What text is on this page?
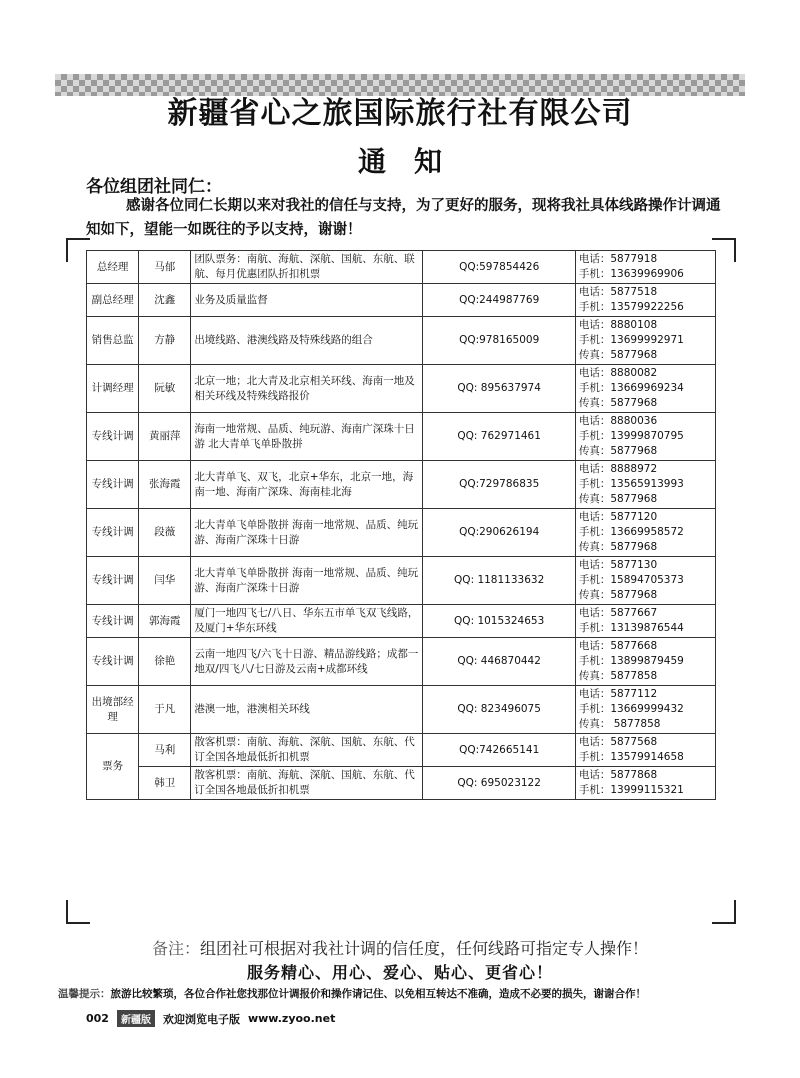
新疆省心之旅国际旅行社有限公司
通　知
各位组团社同仁：
感谢各位同仁长期以来对我社的信任与支持，为了更好的服务，现将我社具体线路操作计调通知如下，望能一如既往的予以支持，谢谢！
总经理	马郁	团队票务：南航、海航、深航、国航、东航、联航、每月优惠团队折扣机票	QQ:597854426	电话：5877918
手机：13639969906

副总经理	沈鑫	业务及质量监督	QQ:244987769	电话：5877518
手机：13579922256

销售总监	方静	出境线路、港澳线路及特殊线路的组合	QQ:978165009	电话：8880108
手机：13699992971
传真：5877968

计调经理	阮敏	北京一地；北大青及北京相关环线、海南一地及相关环线及特殊线路报价	QQ: 895637974	电话：8880082
手机：13669969234
传真：5877968

专线计调	黄丽萍	海南一地常规、品质、纯玩游、海南广深珠十日游 北大青单飞单卧散拼	QQ: 762971461	电话：8880036
手机：13999870795
传真：5877968

专线计调	张海霞	北大青单飞、双飞，北京+华东，北京一地，海南一地、海南广深珠、海南桂北海	QQ:729786835	电话：8888972
手机：13565913993
传真：5877968

专线计调	段薇	北大青单飞单卧散拼 海南一地常规、品质、纯玩游、海南广深珠十日游	QQ:290626194	电话：5877120
手机：13669958572
传真：5877968

专线计调	闫华	北大青单飞单卧散拼 海南一地常规、品质、纯玩游、海南广深珠十日游	QQ: 1181133632	电话：5877130
手机：15894705373
传真：5877968

专线计调	郭海霞	厦门一地四飞七/八日、华东五市单飞双飞线路，及厦门+华东环线	QQ: 1015324653	电话：5877667
手机：13139876544

专线计调	徐艳	云南一地四飞/六飞十日游、精品游线路；成都一地双/四飞八/七日游及云南+成都环线	QQ: 446870442	电话：5877668
手机：13899879459
传真：5877858

出境部经理	于凡	港澳一地，港澳相关环线	QQ: 823496075	电话：5877112
手机：13669999432
传真： 5877858

票务	马利	散客机票：南航、海航、深航、国航、东航、代订全国各地最低折扣机票	QQ:742665141	电话：5877568
手机：13579914658

	韩卫	散客机票：南航、海航、深航、国航、东航、代订全国各地最低折扣机票	QQ: 695023122	电话：5877868
手机：13999115321
备注：组团社可根据对我社计调的信任度，任何线路可指定专人操作！
服务精心、用心、爱心、贴心、更省心！
温馨提示：旅游比较繁琐，各位合作社您找那位计调报价和操作请记住、以免相互转达不准确，造成不必要的损失，谢谢合作！
002	新疆版	欢迎浏览电子版 www.zyoo.net
